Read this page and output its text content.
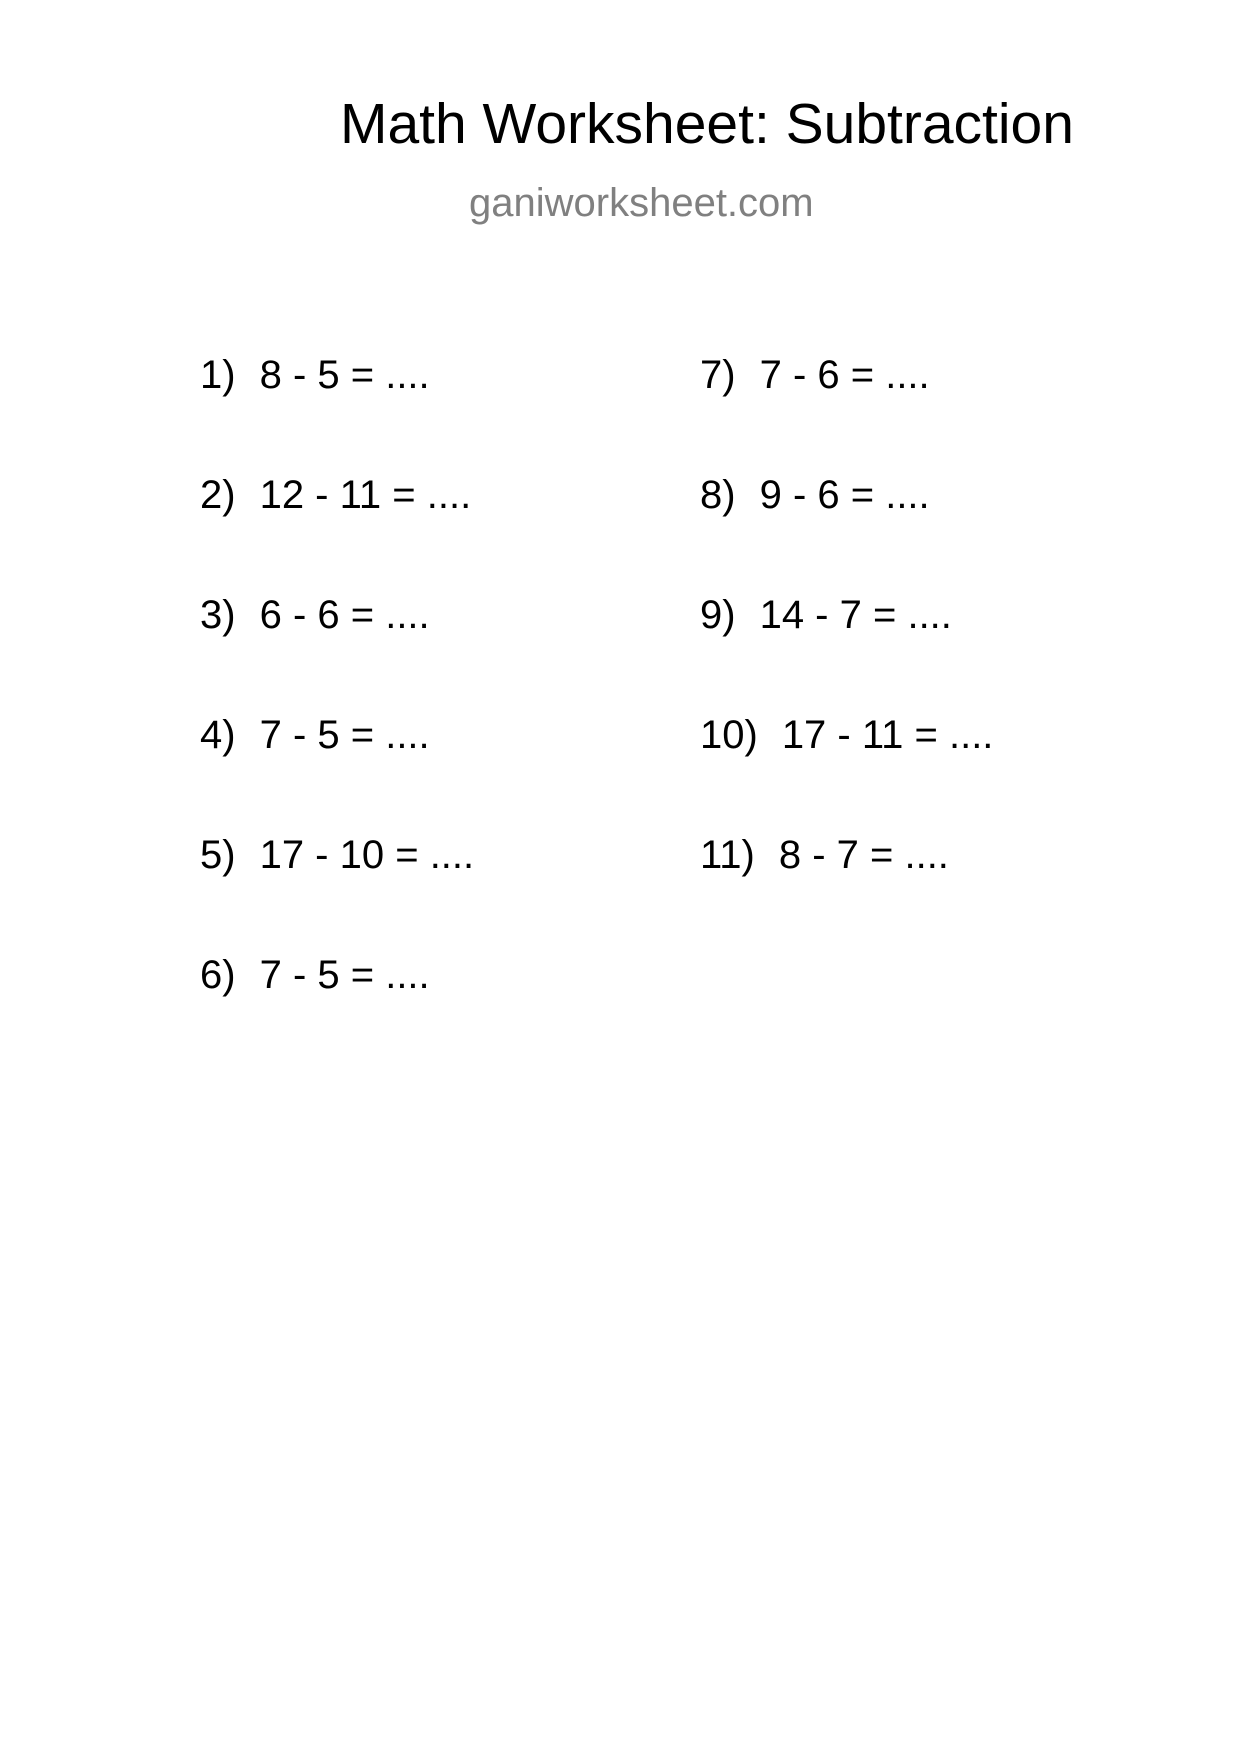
Math Worksheet: Subtraction
ganiworksheet.com
1) 8 - 5 = ....
2) 12 - 11 = ....
3) 6 - 6 = ....
4) 7 - 5 = ....
5) 17 - 10 = ....
6) 7 - 5 = ....
7) 7 - 6 = ....
8) 9 - 6 = ....
9) 14 - 7 = ....
10) 17 - 11 = ....
11) 8 - 7 = ....
